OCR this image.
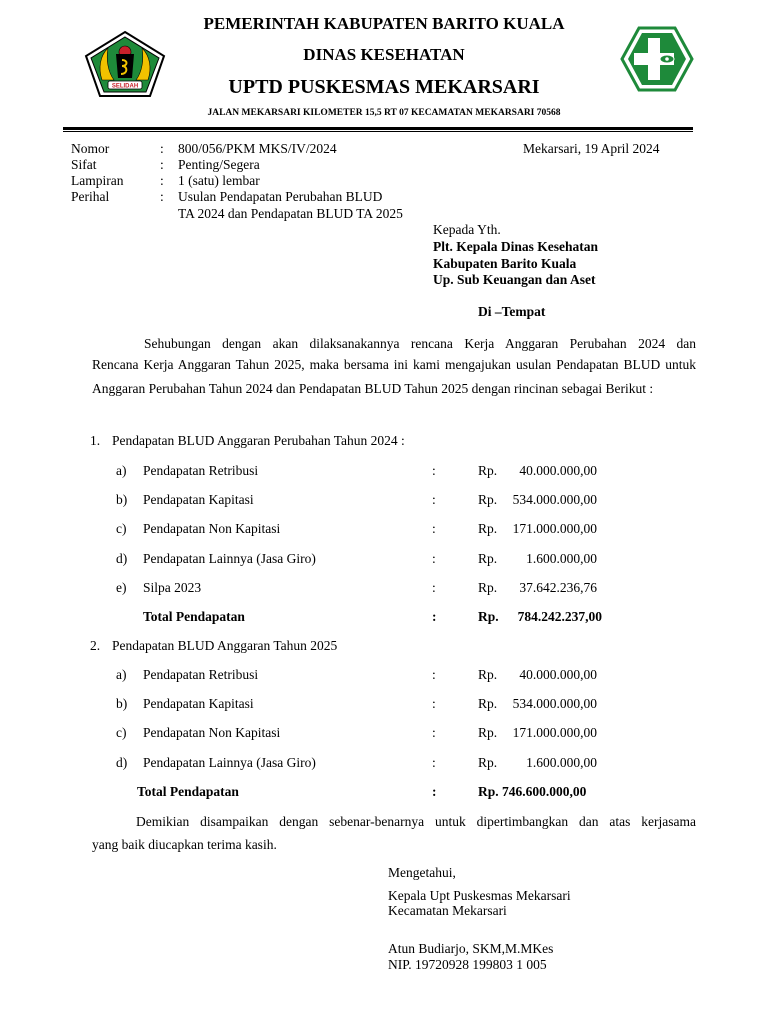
SELIDAH
PEMERINTAH KABUPATEN BARITO KUALA
DINAS KESEHATAN
UPTD PUSKESMAS MEKARSARI
JALAN MEKARSARI KILOMETER 15,5 RT 07 KECAMATAN MEKARSARI 70568
Nomor	: 800/056/PKM MKS/IV/2024	Mekarsari, 19 April 2024
Sifat	: Penting/Segera
Lampiran	: 1 (satu) lembar
Perihal	: Usulan Pendapatan Perubahan BLUD
TA 2024 dan Pendapatan BLUD TA 2025
Kepada Yth.
Plt. Kepala Dinas Kesehatan
Kabupaten Barito Kuala
Up. Sub Keuangan dan Aset
Di –Tempat
Sehubungan dengan akan dilaksanakannya rencana Kerja Anggaran Perubahan 2024 dan
Rencana Kerja Anggaran Tahun 2025, maka bersama ini kami mengajukan usulan Pendapatan BLUD untuk Anggaran Perubahan Tahun 2024 dan Pendapatan BLUD Tahun 2025 dengan rincinan sebagai Berikut :
1. Pendapatan BLUD Anggaran Perubahan Tahun 2024 :
a) Pendapatan Retribusi	:	Rp. 40.000.000,00
b) Pendapatan Kapitasi	:	Rp. 534.000.000,00
c) Pendapatan Non Kapitasi	:	Rp. 171.000.000,00
d) Pendapatan Lainnya (Jasa Giro)	:	Rp. 1.600.000,00
e) Silpa 2023	:	Rp. 37.642.236,76
Total Pendapatan	:	Rp. 784.242.237,00
2. Pendapatan BLUD Anggaran Tahun 2025
a) Pendapatan Retribusi	:	Rp. 40.000.000,00
b) Pendapatan Kapitasi	:	Rp. 534.000.000,00
c) Pendapatan Non Kapitasi	:	Rp. 171.000.000,00
d) Pendapatan Lainnya (Jasa Giro)	:	Rp. 1.600.000,00
Total Pendapatan	:	Rp. 746.600.000,00
Demikian disampaikan dengan sebenar-benarnya untuk dipertimbangkan dan atas kerjasama
yang baik diucapkan terima kasih.
Mengetahui,
Kepala Upt Puskesmas Mekarsari
Kecamatan Mekarsari
Atun Budiarjo, SKM,M.MKes
NIP. 19720928 199803 1 005
